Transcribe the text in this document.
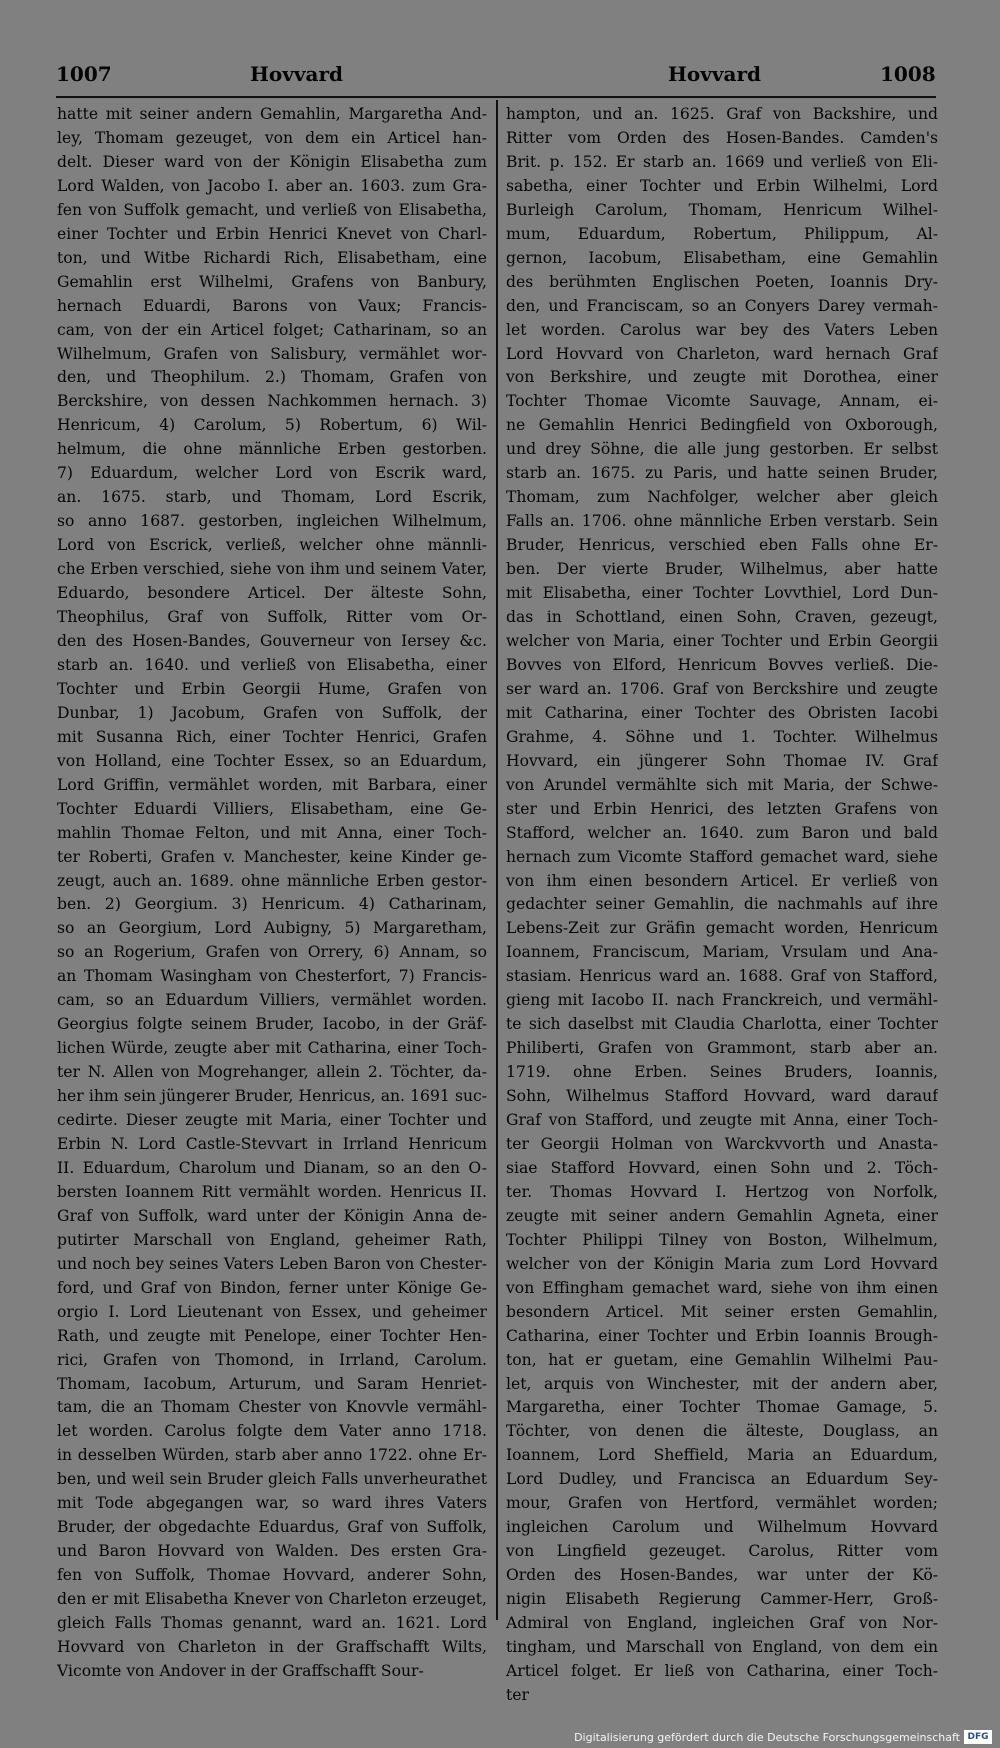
1007	Hovvard	Hovvard	1008
hatte mit seiner andern Gemahlin, Margaretha And-
ley, Thomam gezeuget, von dem ein Articel han-
delt. Dieser ward von der Königin Elisabetha zum
Lord Walden, von Jacobo I. aber an. 1603. zum Gra-
fen von Suffolk gemacht, und verließ von Elisabetha,
einer Tochter und Erbin Henrici Knevet von Charl-
ton, und Witbe Richardi Rich, Elisabetham, eine
Gemahlin erst Wilhelmi, Grafens von Banbury,
hernach Eduardi, Barons von Vaux; Francis-
cam, von der ein Articel folget; Catharinam, so an
Wilhelmum, Grafen von Salisbury, vermählet wor-
den, und Theophilum. 2.) Thomam, Grafen von
Berckshire, von dessen Nachkommen hernach. 3)
Henricum, 4) Carolum, 5) Robertum, 6) Wil-
helmum, die ohne männliche Erben gestorben.
7) Eduardum, welcher Lord von Escrik ward,
an. 1675. starb, und Thomam, Lord Escrik,
so anno 1687. gestorben, ingleichen Wilhelmum,
Lord von Escrick, verließ, welcher ohne männli-
che Erben verschied, siehe von ihm und seinem Vater,
Eduardo, besondere Articel. Der älteste Sohn,
Theophilus, Graf von Suffolk, Ritter vom Or-
den des Hosen-Bandes, Gouverneur von Iersey &c.
starb an. 1640. und verließ von Elisabetha, einer
Tochter und Erbin Georgii Hume, Grafen von
Dunbar, 1) Jacobum, Grafen von Suffolk, der
mit Susanna Rich, einer Tochter Henrici, Grafen
von Holland, eine Tochter Essex, so an Eduardum,
Lord Griffin, vermählet worden, mit Barbara, einer
Tochter Eduardi Villiers, Elisabetham, eine Ge-
mahlin Thomae Felton, und mit Anna, einer Toch-
ter Roberti, Grafen v. Manchester, keine Kinder ge-
zeugt, auch an. 1689. ohne männliche Erben gestor-
ben. 2) Georgium. 3) Henricum. 4) Catharinam,
so an Georgium, Lord Aubigny, 5) Margaretham,
so an Rogerium, Grafen von Orrery, 6) Annam, so
an Thomam Wasingham von Chesterfort, 7) Francis-
cam, so an Eduardum Villiers, vermählet worden.
Georgius folgte seinem Bruder, Iacobo, in der Gräf-
lichen Würde, zeugte aber mit Catharina, einer Toch-
ter N. Allen von Mogrehanger, allein 2. Töchter, da-
her ihm sein jüngerer Bruder, Henricus, an. 1691 suc-
cedirte. Dieser zeugte mit Maria, einer Tochter und
Erbin N. Lord Castle-Stevvart in Irrland Henricum
II. Eduardum, Charolum und Dianam, so an den O-
bersten Ioannem Ritt vermählt worden. Henricus II.
Graf von Suffolk, ward unter der Königin Anna de-
putirter Marschall von England, geheimer Rath,
und noch bey seines Vaters Leben Baron von Chester-
ford, und Graf von Bindon, ferner unter Könige Ge-
orgio I. Lord Lieutenant von Essex, und geheimer
Rath, und zeugte mit Penelope, einer Tochter Hen-
rici, Grafen von Thomond, in Irrland, Carolum.
Thomam, Iacobum, Arturum, und Saram Henriet-
tam, die an Thomam Chester von Knovvle vermähl-
let worden. Carolus folgte dem Vater anno 1718.
in desselben Würden, starb aber anno 1722. ohne Er-
ben, und weil sein Bruder gleich Falls unverheurathet
mit Tode abgegangen war, so ward ihres Vaters
Bruder, der obgedachte Eduardus, Graf von Suffolk,
und Baron Hovvard von Walden. Des ersten Gra-
fen von Suffolk, Thomae Hovvard, anderer Sohn,
den er mit Elisabetha Knever von Charleton erzeuget,
gleich Falls Thomas genannt, ward an. 1621. Lord
Hovvard von Charleton in der Graffschafft Wilts,
Vicomte von Andover in der Graffschafft Sour-
hampton, und an. 1625. Graf von Backshire, und
Ritter vom Orden des Hosen-Bandes. Camden's
Brit. p. 152. Er starb an. 1669 und verließ von Eli-
sabetha, einer Tochter und Erbin Wilhelmi, Lord
Burleigh Carolum, Thomam, Henricum Wilhel-
mum, Eduardum, Robertum, Philippum, Al-
gernon, Iacobum, Elisabetham, eine Gemahlin
des berühmten Englischen Poeten, Ioannis Dry-
den, und Franciscam, so an Conyers Darey vermah-
let worden. Carolus war bey des Vaters Leben
Lord Hovvard von Charleton, ward hernach Graf
von Berkshire, und zeugte mit Dorothea, einer
Tochter Thomae Vicomte Sauvage, Annam, ei-
ne Gemahlin Henrici Bedingfield von Oxborough,
und drey Söhne, die alle jung gestorben. Er selbst
starb an. 1675. zu Paris, und hatte seinen Bruder,
Thomam, zum Nachfolger, welcher aber gleich
Falls an. 1706. ohne männliche Erben verstarb. Sein
Bruder, Henricus, verschied eben Falls ohne Er-
ben. Der vierte Bruder, Wilhelmus, aber hatte
mit Elisabetha, einer Tochter Lovvthiel, Lord Dun-
das in Schottland, einen Sohn, Craven, gezeugt,
welcher von Maria, einer Tochter und Erbin Georgii
Bovves von Elford, Henricum Bovves verließ. Die-
ser ward an. 1706. Graf von Berckshire und zeugte
mit Catharina, einer Tochter des Obristen Iacobi
Grahme, 4. Söhne und 1. Tochter. Wilhelmus
Hovvard, ein jüngerer Sohn Thomae IV. Graf
von Arundel vermählte sich mit Maria, der Schwe-
ster und Erbin Henrici, des letzten Grafens von
Stafford, welcher an. 1640. zum Baron und bald
hernach zum Vicomte Stafford gemachet ward, siehe
von ihm einen besondern Articel. Er verließ von
gedachter seiner Gemahlin, die nachmahls auf ihre
Lebens-Zeit zur Gräfin gemacht worden, Henricum
Ioannem, Franciscum, Mariam, Vrsulam und Ana-
stasiam. Henricus ward an. 1688. Graf von Stafford,
gieng mit Iacobo II. nach Franckreich, und vermähl-
te sich daselbst mit Claudia Charlotta, einer Tochter
Philiberti, Grafen von Grammont, starb aber an.
1719. ohne Erben. Seines Bruders, Ioannis,
Sohn, Wilhelmus Stafford Hovvard, ward darauf
Graf von Stafford, und zeugte mit Anna, einer Toch-
ter Georgii Holman von Warckvvorth und Anasta-
siae Stafford Hovvard, einen Sohn und 2. Töch-
ter. Thomas Hovvard I. Hertzog von Norfolk,
zeugte mit seiner andern Gemahlin Agneta, einer
Tochter Philippi Tilney von Boston, Wilhelmum,
welcher von der Königin Maria zum Lord Hovvard
von Effingham gemachet ward, siehe von ihm einen
besondern Articel. Mit seiner ersten Gemahlin,
Catharina, einer Tochter und Erbin Ioannis Brough-
ton, hat er guetam, eine Gemahlin Wilhelmi Pau-
let, arquis von Winchester, mit der andern aber,
Margaretha, einer Tochter Thomae Gamage, 5.
Töchter, von denen die älteste, Douglass, an
Ioannem, Lord Sheffield, Maria an Eduardum,
Lord Dudley, und Francisca an Eduardum Sey-
mour, Grafen von Hertford, vermählet worden;
ingleichen Carolum und Wilhelmum Hovvard
von Lingfield gezeuget. Carolus, Ritter vom
Orden des Hosen-Bandes, war unter der Kö-
nigin Elisabeth Regierung Cammer-Herr, Groß-
Admiral von England, ingleichen Graf von Nor-
tingham, und Marschall von England, von dem ein
Articel folget. Er ließ von Catharina, einer Toch-
ter
Digitalisierung gefördert durch die Deutsche Forschungsgemeinschaft DFG
